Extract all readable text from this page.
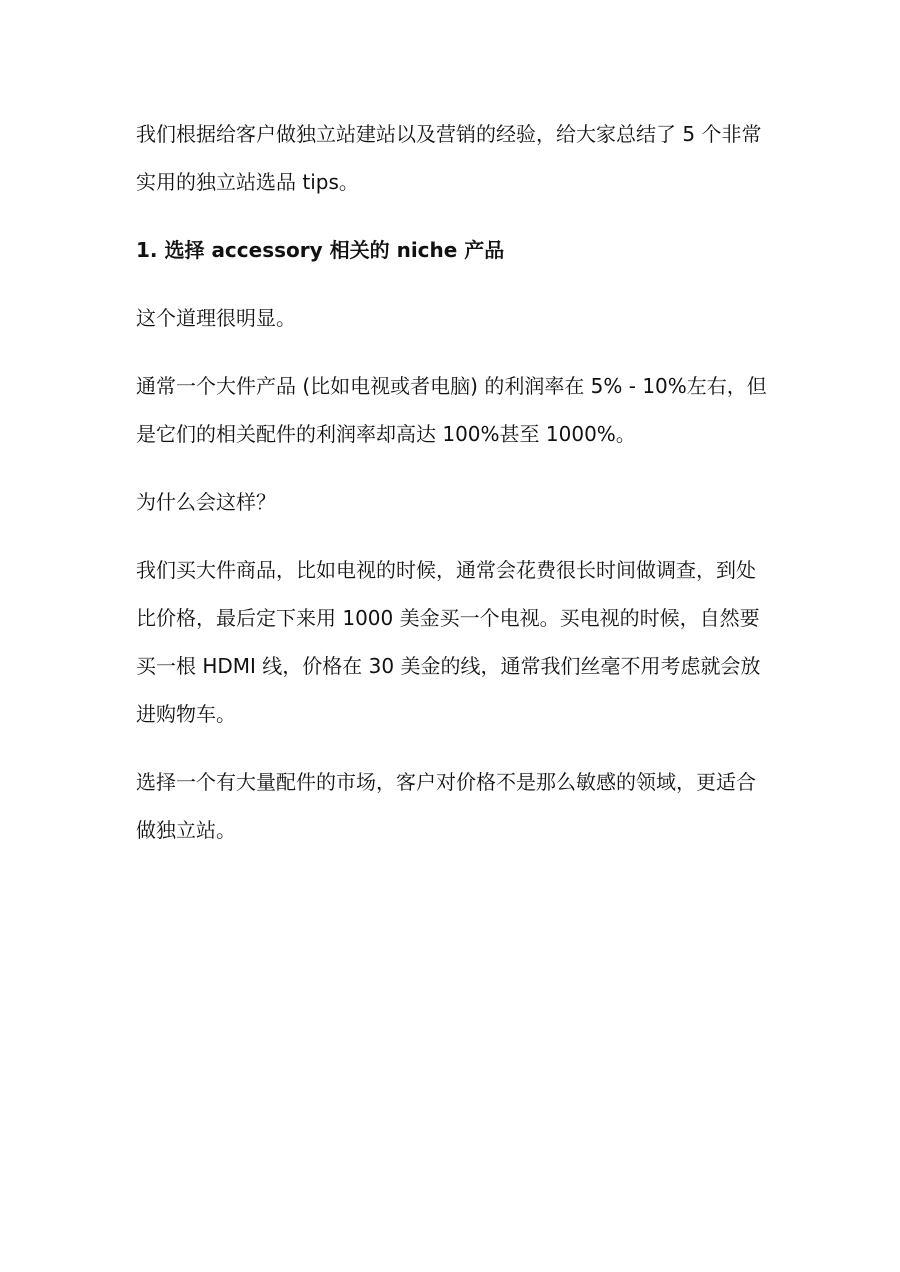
我们根据给客户做独立站建站以及营销的经验，给大家总结了 5 个非常实用的独立站选品 tips。

1. 选择 accessory 相关的 niche 产品

这个道理很明显。

通常一个大件产品 (比如电视或者电脑) 的利润率在 5% - 10%左右，但是它们的相关配件的利润率却高达 100%甚至 1000%。

为什么会这样？

我们买大件商品，比如电视的时候，通常会花费很长时间做调查，到处比价格，最后定下来用 1000 美金买一个电视。买电视的时候，自然要买一根 HDMI 线，价格在 30 美金的线，通常我们丝毫不用考虑就会放进购物车。

选择一个有大量配件的市场，客户对价格不是那么敏感的领域，更适合做独立站。
